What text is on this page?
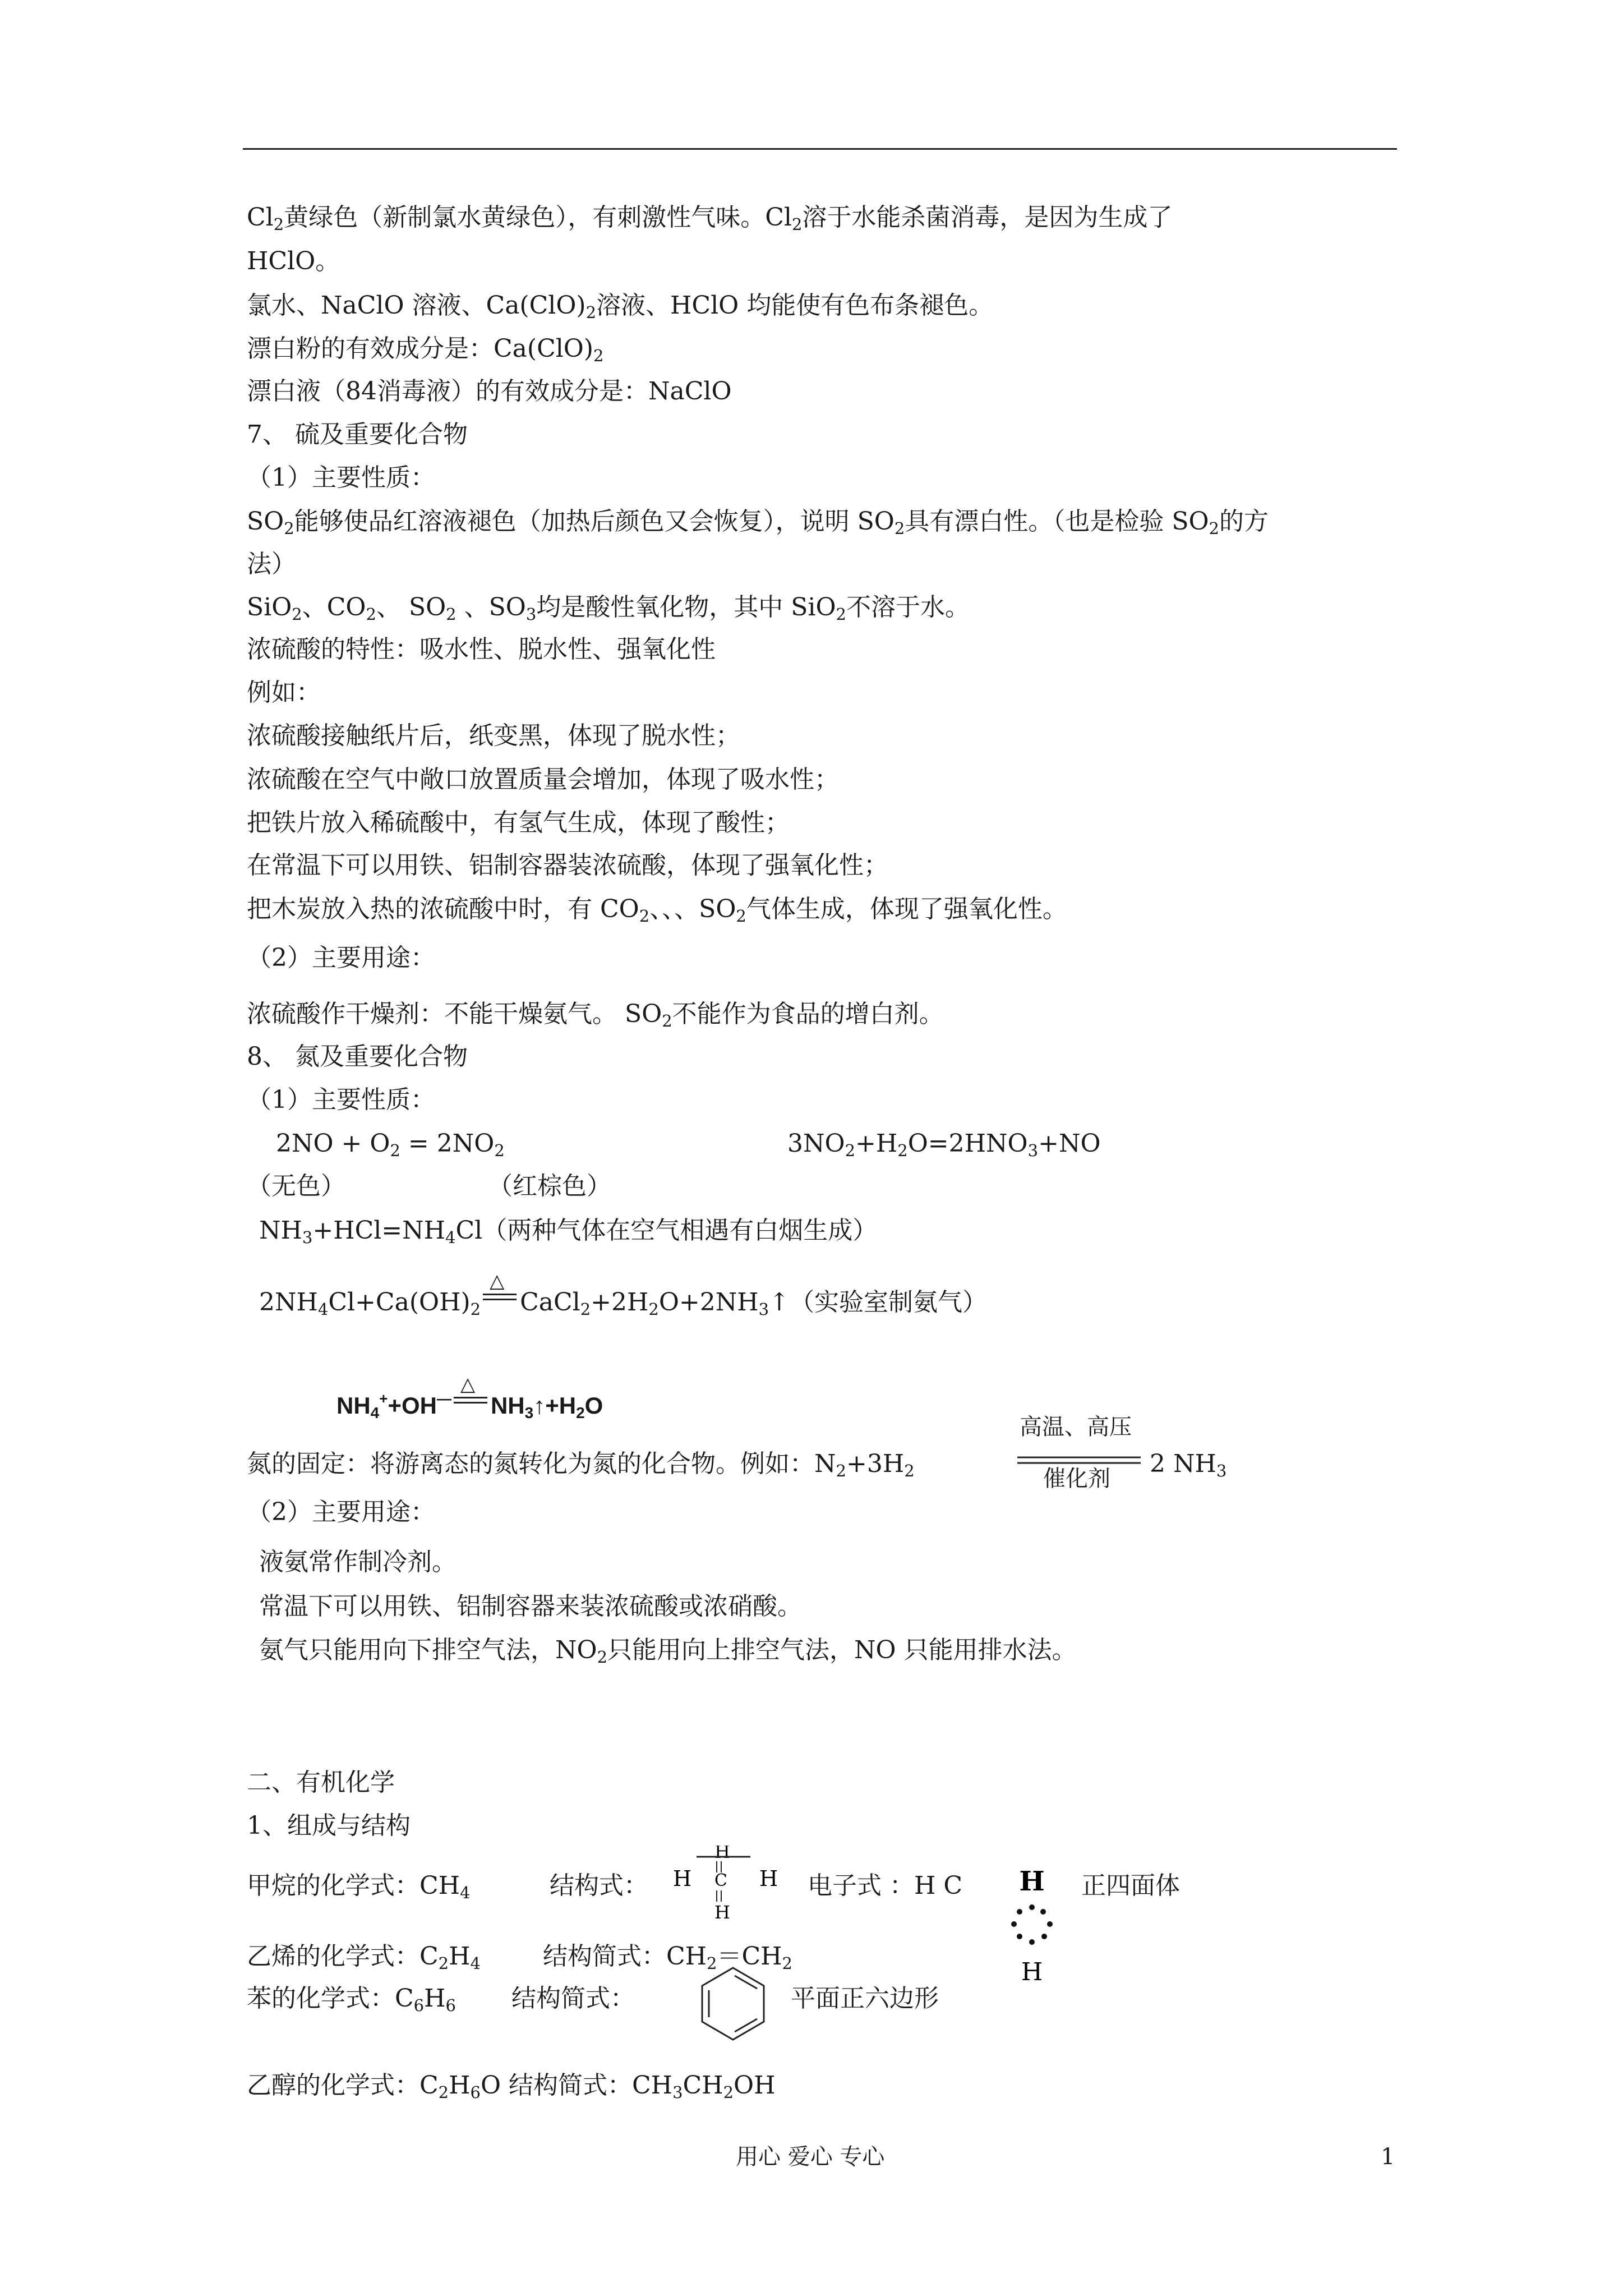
$Cl_2$黄绿色（新制氯水黄绿色），有刺激性气味。$Cl_2$溶于水能杀菌消毒，是因为生成了
HClO。
氯水、NaClO 溶液、$Ca(ClO)_2$溶液、HClO 均能使有色布条褪色。
漂白粉的有效成分是：$Ca(ClO)_2$
漂白液（84消毒液）的有效成分是：NaClO
7、 硫及重要化合物
（1）主要性质：
$SO_2$能够使品红溶液褪色（加热后颜色又会恢复），说明 $SO_2$具有漂白性。（也是检验 $SO_2$的方
法）
SiO$_2$、$CO_2$、 $SO_2$ 、$SO_3$均是酸性氧化物，其中 SiO$_2$不溶于水。
浓硫酸的特性：吸水性、脱水性、强氧化性
例如：
浓硫酸接触纸片后，纸变黑，体现了脱水性；
浓硫酸在空气中敞口放置质量会增加，体现了吸水性；
把铁片放入稀硫酸中，有氢气生成，体现了酸性；
在常温下可以用铁、铝制容器装浓硫酸，体现了强氧化性；
把木炭放入热的浓硫酸中时，有 $CO_2$、、、$SO_2$气体生成，体现了强氧化性。
（2）主要用途：
浓硫酸作干燥剂：不能干燥氨气。 $SO_2$不能作为食品的增白剂。
8、 氮及重要化合物
（1）主要性质：
$2NO + O_2 = 2NO_2$	$3NO_2+H_2O=2HNO_3+NO$
（无色）	（红棕色）
$NH_3+HCl=NH_4Cl$（两种气体在空气相遇有白烟生成）
$2NH_4Cl+Ca(OH)_2$
△
$CaCl_2+2H_2O+2NH_3↑$（实验室制氨气）
$NH_4^++OH^—$
△
$NH_3↑+H_2O$
氮的固定：将游离态的氮转化为氮的化合物。例如：$N_2+3H_2$
高温、高压
催化剂
2 $NH_3$
（2）主要用途：
液氨常作制冷剂。
常温下可以用铁、铝制容器来装浓硫酸或浓硝酸。
氨气只能用向下排空气法，$NO_2$只能用向上排空气法，NO 只能用排水法。
二、有机化学
1、组成与结构
甲烷的化学式：$CH_4$	结构式： H	H
H
H
C	电子式 ：H C H
H
正四面体
乙烯的化学式：$C_2H_4$	结构简式：$CH_2=CH_2$
苯的化学式：$C_6H_6$ 结构简式：	平面正六边形
乙醇的化学式：$C_2H_6O$ 结构简式：$CH_3CH_2OH$
用心 爱心 专心	1
